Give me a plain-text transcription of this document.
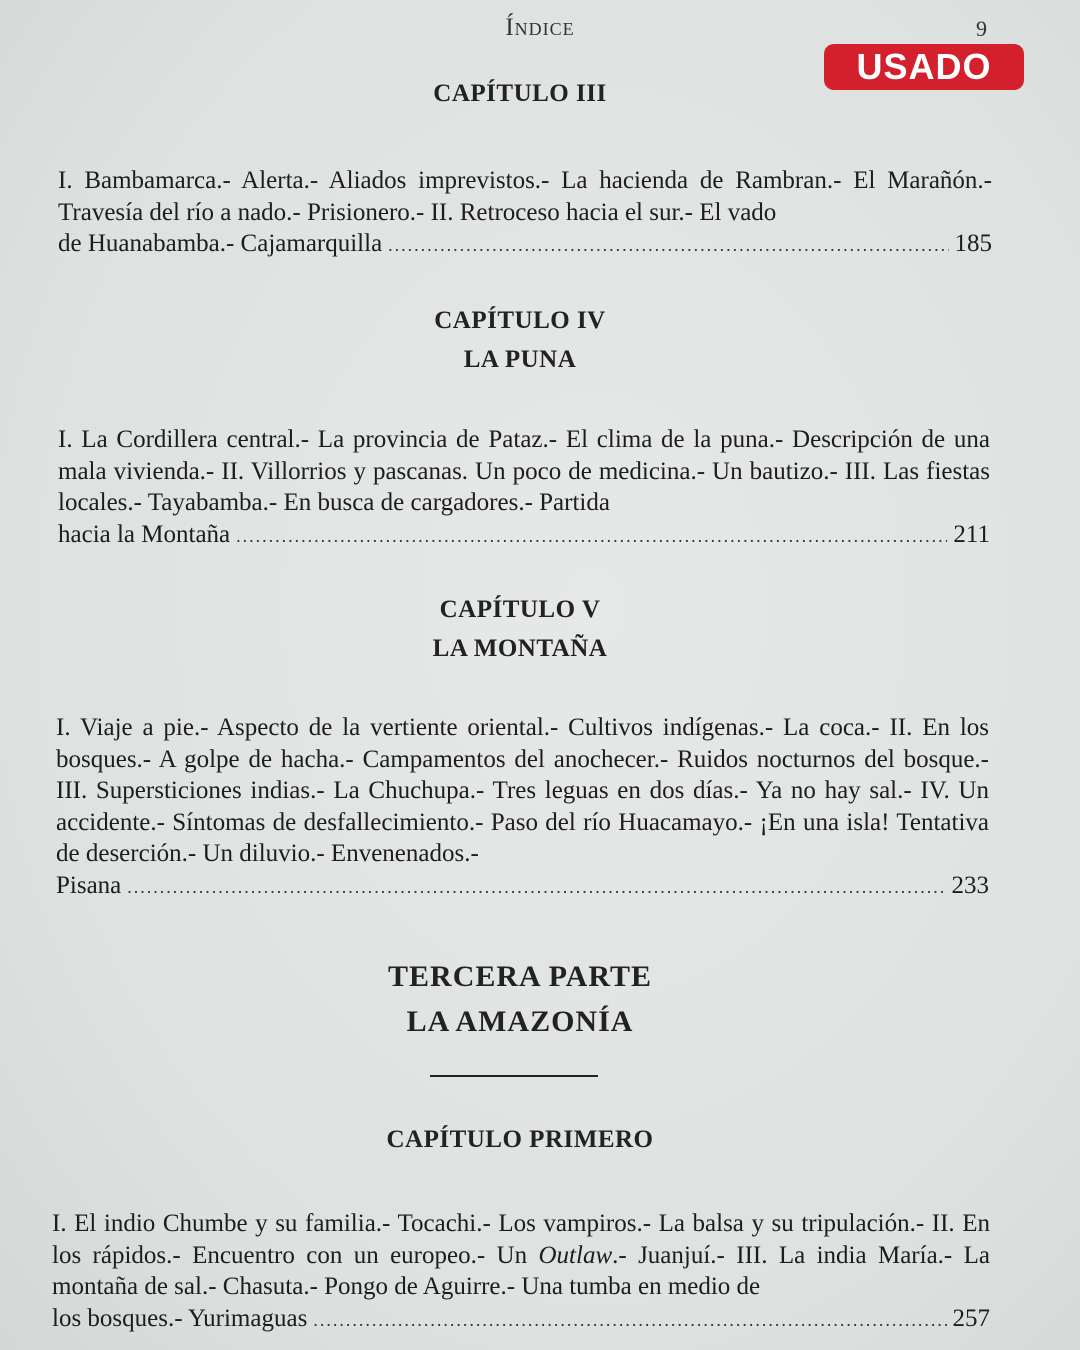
Índice	9
USADO
CAPÍTULO III

I. Bambamarca.- Alerta.- Aliados imprevistos.- La hacienda de Rambran.- El Marañón.- Travesía del río a nado.- Prisionero.- II. Retroceso hacia el sur.- El vado

de Huanabamba.- Cajamarquilla .....	185
CAPÍTULO IV
LA PUNA

I. La Cordillera central.- La provincia de Pataz.- El clima de la puna.- Descripción de una mala vivienda.- II. Villorrios y pascanas. Un poco de medicina.- Un bautizo.- III. Las fiestas locales.- Tayabamba.- En busca de cargadores.- Partida

hacia la Montaña .....	211
CAPÍTULO V
LA MONTAÑA

I. Viaje a pie.- Aspecto de la vertiente oriental.- Cultivos indígenas.- La coca.- II. En los bosques.- A golpe de hacha.- Campamentos del anochecer.- Ruidos nocturnos del bosque.- III. Supersticiones indias.- La Chuchupa.- Tres leguas en dos días.- Ya no hay sal.- IV. Un accidente.- Síntomas de desfallecimiento.- Paso del río Huacamayo.- ¡En una isla! Tentativa de deserción.- Un diluvio.- Envenenados.-

Pisana .....	233
TERCERA PARTE
LA AMAZONÍA
CAPÍTULO PRIMERO

I. El indio Chumbe y su familia.- Tocachi.- Los vampiros.- La balsa y su tripulación.- II. En los rápidos.- Encuentro con un europeo.- Un Outlaw.- Juanjuí.- III. La india María.- La montaña de sal.- Chasuta.- Pongo de Aguirre.- Una tumba en medio de

los bosques.- Yurimaguas .....	257
